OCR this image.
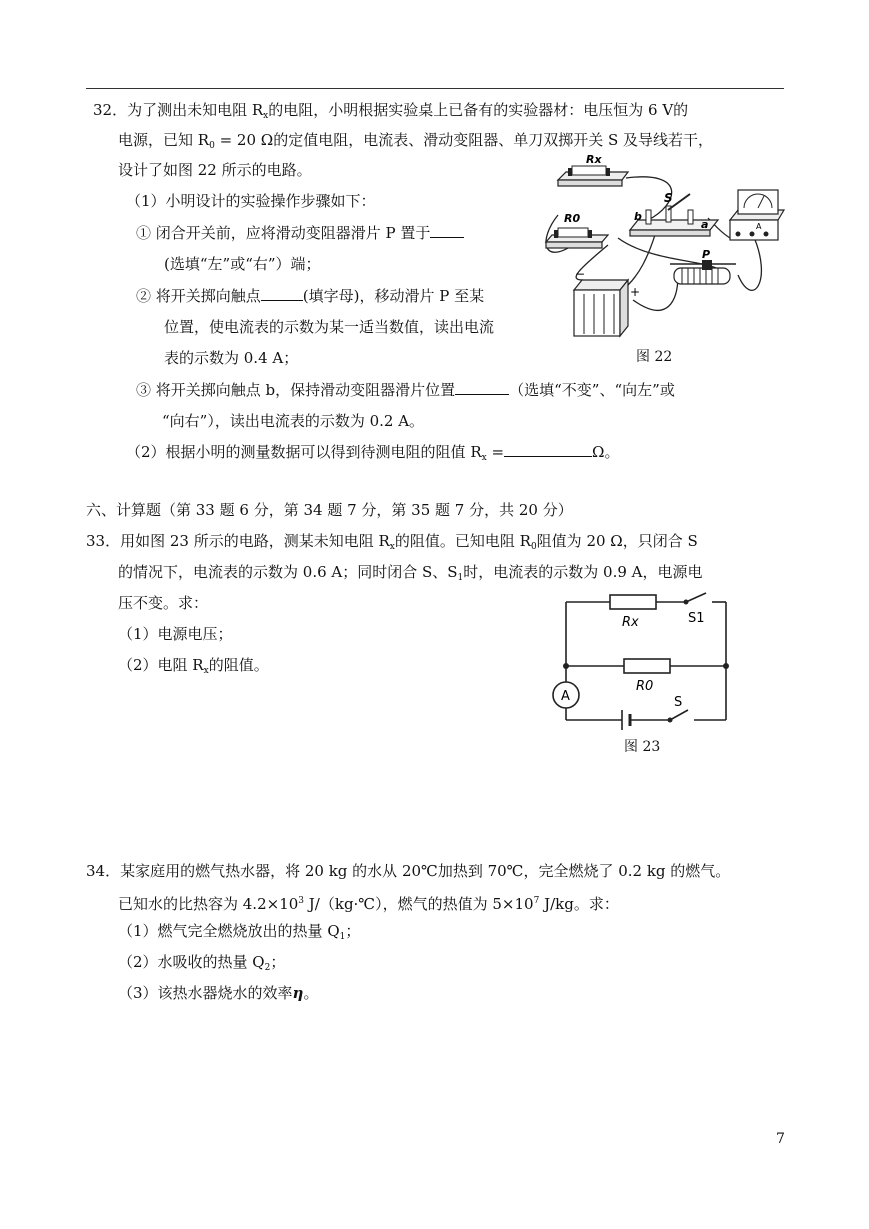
32．为了测出未知电阻 $R_x$的电阻，小明根据实验桌上已备有的实验器材：电压恒为 6 V的
电源，已知 $R_0 = 20$ Ω的定值电阻，电流表、滑动变阻器、单刀双掷开关 S 及导线若干，
设计了如图 22 所示的电路。
（1）小明设计的实验操作步骤如下：
① 闭合开关前，应将滑动变阻器滑片 P 置于
(选填“左”或“右”）端；
② 将开关掷向触点	(填字母)，移动滑片 P 至某
位置，使电流表的示数为某一适当数值，读出电流
表的示数为 0.4 A；
③ 将开关掷向触点 b，保持滑动变阻器滑片位置	（选填“不变”、“向左”或
“向右”），读出电流表的示数为 0.2 A。
（2）根据小明的测量数据可以得到待测电阻的阻值 $R_x$ =	Ω。
Rx
R0
S
b
a	A
−
+
P
图 22
六、计算题（第 33 题 6 分，第 34 题 7 分，第 35 题 7 分，共 20 分）
33．用如图 23 所示的电路，测某未知电阻 $R_x$的阻值。已知电阻 $R_0$阻值为 20 Ω，只闭合 S
的情况下，电流表的示数为 0.6 A；同时闭合 S、$S_1$时，电流表的示数为 0.9 A，电源电
压不变。求：
（1）电源电压；
（2）电阻 $R_x$的阻值。
A
Rx	S1
R0
S
图 23
34．某家庭用的燃气热水器，将 20 kg 的水从 20℃加热到 70℃，完全燃烧了 0.2 kg 的燃气。
已知水的比热容为 $4.2\times 10^3$ J/（kg·℃），燃气的热值为 $5\times 10^7$ J/kg。求：
（1）燃气完全燃烧放出的热量 $Q_1$；
（2）水吸收的热量 $Q_2$；
（3）该热水器烧水的效率η。
7
